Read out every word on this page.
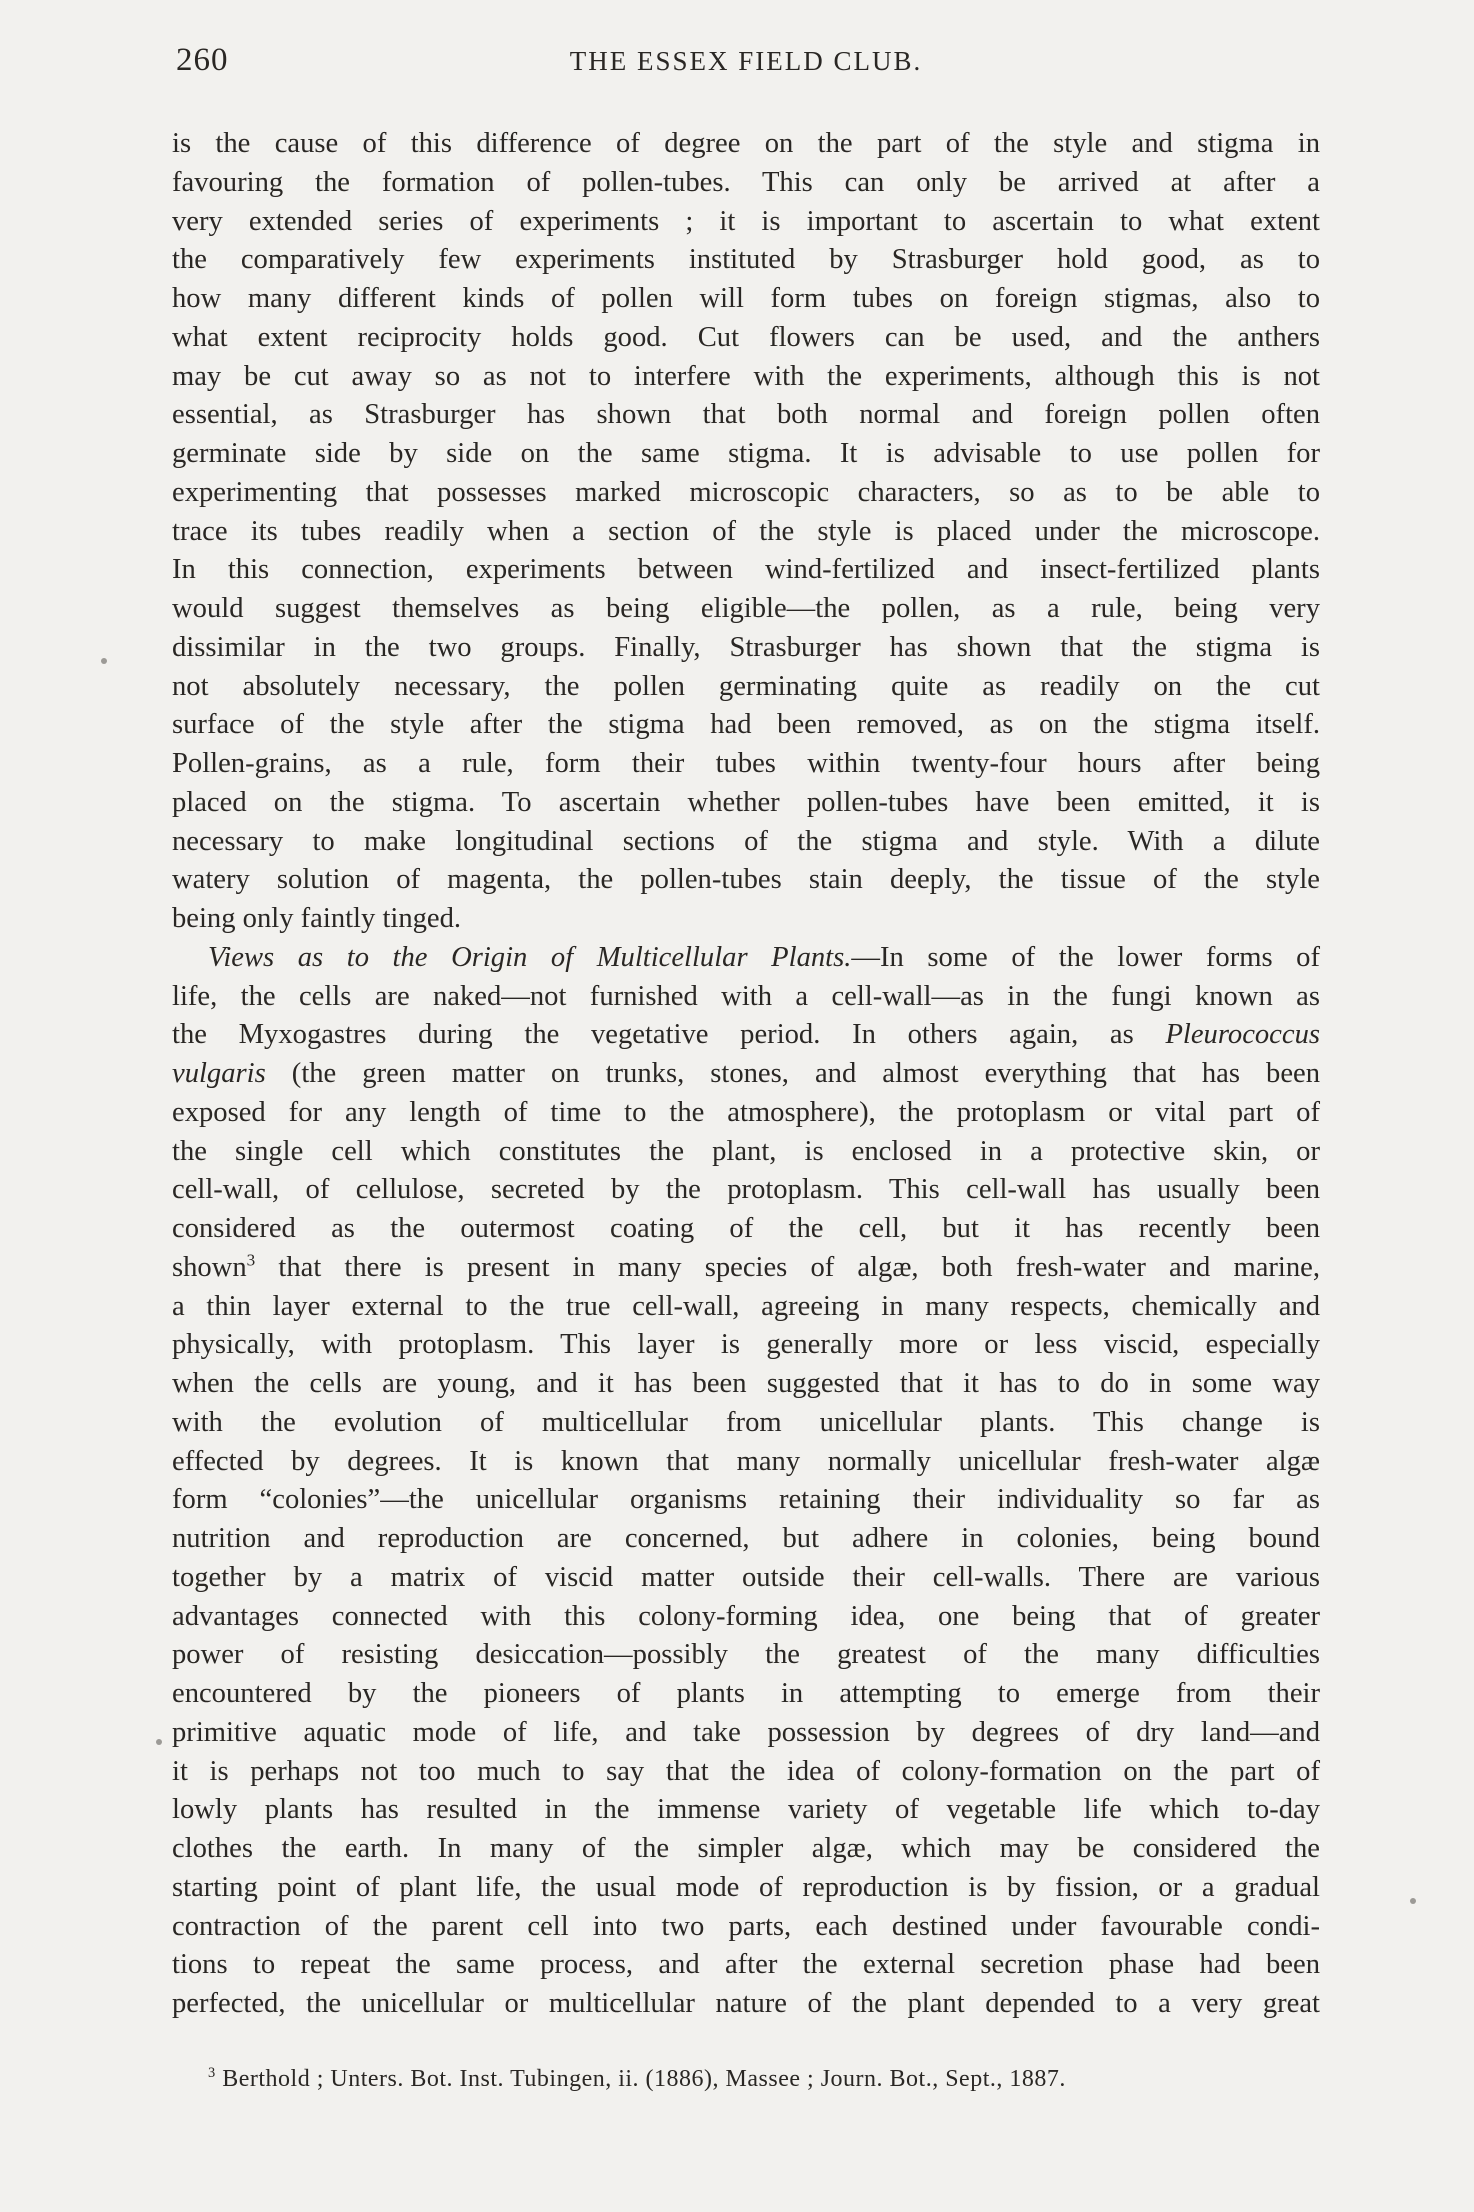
260	THE ESSEX FIELD CLUB.
is the cause of this difference of degree on the part of the style and stigma in
favouring the formation of pollen-tubes. This can only be arrived at after a
very extended series of experiments ; it is important to ascertain to what extent
the comparatively few experiments instituted by Strasburger hold good, as to
how many different kinds of pollen will form tubes on foreign stigmas, also to
what extent reciprocity holds good. Cut flowers can be used, and the anthers
may be cut away so as not to interfere with the experiments, although this is not
essential, as Strasburger has shown that both normal and foreign pollen often
germinate side by side on the same stigma. It is advisable to use pollen for
experimenting that possesses marked microscopic characters, so as to be able to
trace its tubes readily when a section of the style is placed under the microscope.
In this connection, experiments between wind-fertilized and insect-fertilized plants
would suggest themselves as being eligible—the pollen, as a rule, being very
dissimilar in the two groups. Finally, Strasburger has shown that the stigma is
not absolutely necessary, the pollen germinating quite as readily on the cut
surface of the style after the stigma had been removed, as on the stigma itself.
Pollen-grains, as a rule, form their tubes within twenty-four hours after being
placed on the stigma. To ascertain whether pollen-tubes have been emitted, it is
necessary to make longitudinal sections of the stigma and style. With a dilute
watery solution of magenta, the pollen-tubes stain deeply, the tissue of the style
being only faintly tinged.
Views as to the Origin of Multicellular Plants.—In some of the lower forms of
life, the cells are naked—not furnished with a cell-wall—as in the fungi known as
the Myxogastres during the vegetative period. In others again, as Pleurococcus
vulgaris (the green matter on trunks, stones, and almost everything that has been
exposed for any length of time to the atmosphere), the protoplasm or vital part of
the single cell which constitutes the plant, is enclosed in a protective skin, or
cell-wall, of cellulose, secreted by the protoplasm. This cell-wall has usually been
considered as the outermost coating of the cell, but it has recently been
shown$^3$ that there is present in many species of algæ, both fresh-water and marine,
a thin layer external to the true cell-wall, agreeing in many respects, chemically and
physically, with protoplasm. This layer is generally more or less viscid, especially
when the cells are young, and it has been suggested that it has to do in some way
with the evolution of multicellular from unicellular plants. This change is
effected by degrees. It is known that many normally unicellular fresh-water algæ
form “colonies”—the unicellular organisms retaining their individuality so far as
nutrition and reproduction are concerned, but adhere in colonies, being bound
together by a matrix of viscid matter outside their cell-walls. There are various
advantages connected with this colony-forming idea, one being that of greater
power of resisting desiccation—possibly the greatest of the many difficulties
encountered by the pioneers of plants in attempting to emerge from their
primitive aquatic mode of life, and take possession by degrees of dry land—and
it is perhaps not too much to say that the idea of colony-formation on the part of
lowly plants has resulted in the immense variety of vegetable life which to-day
clothes the earth. In many of the simpler algæ, which may be considered the
starting point of plant life, the usual mode of reproduction is by fission, or a gradual
contraction of the parent cell into two parts, each destined under favourable condi-
tions to repeat the same process, and after the external secretion phase had been
perfected, the unicellular or multicellular nature of the plant depended to a very great
$^3$ Berthold ; Unters. Bot. Inst. Tubingen, ii. (1886), Massee ; Journ. Bot., Sept., 1887.
